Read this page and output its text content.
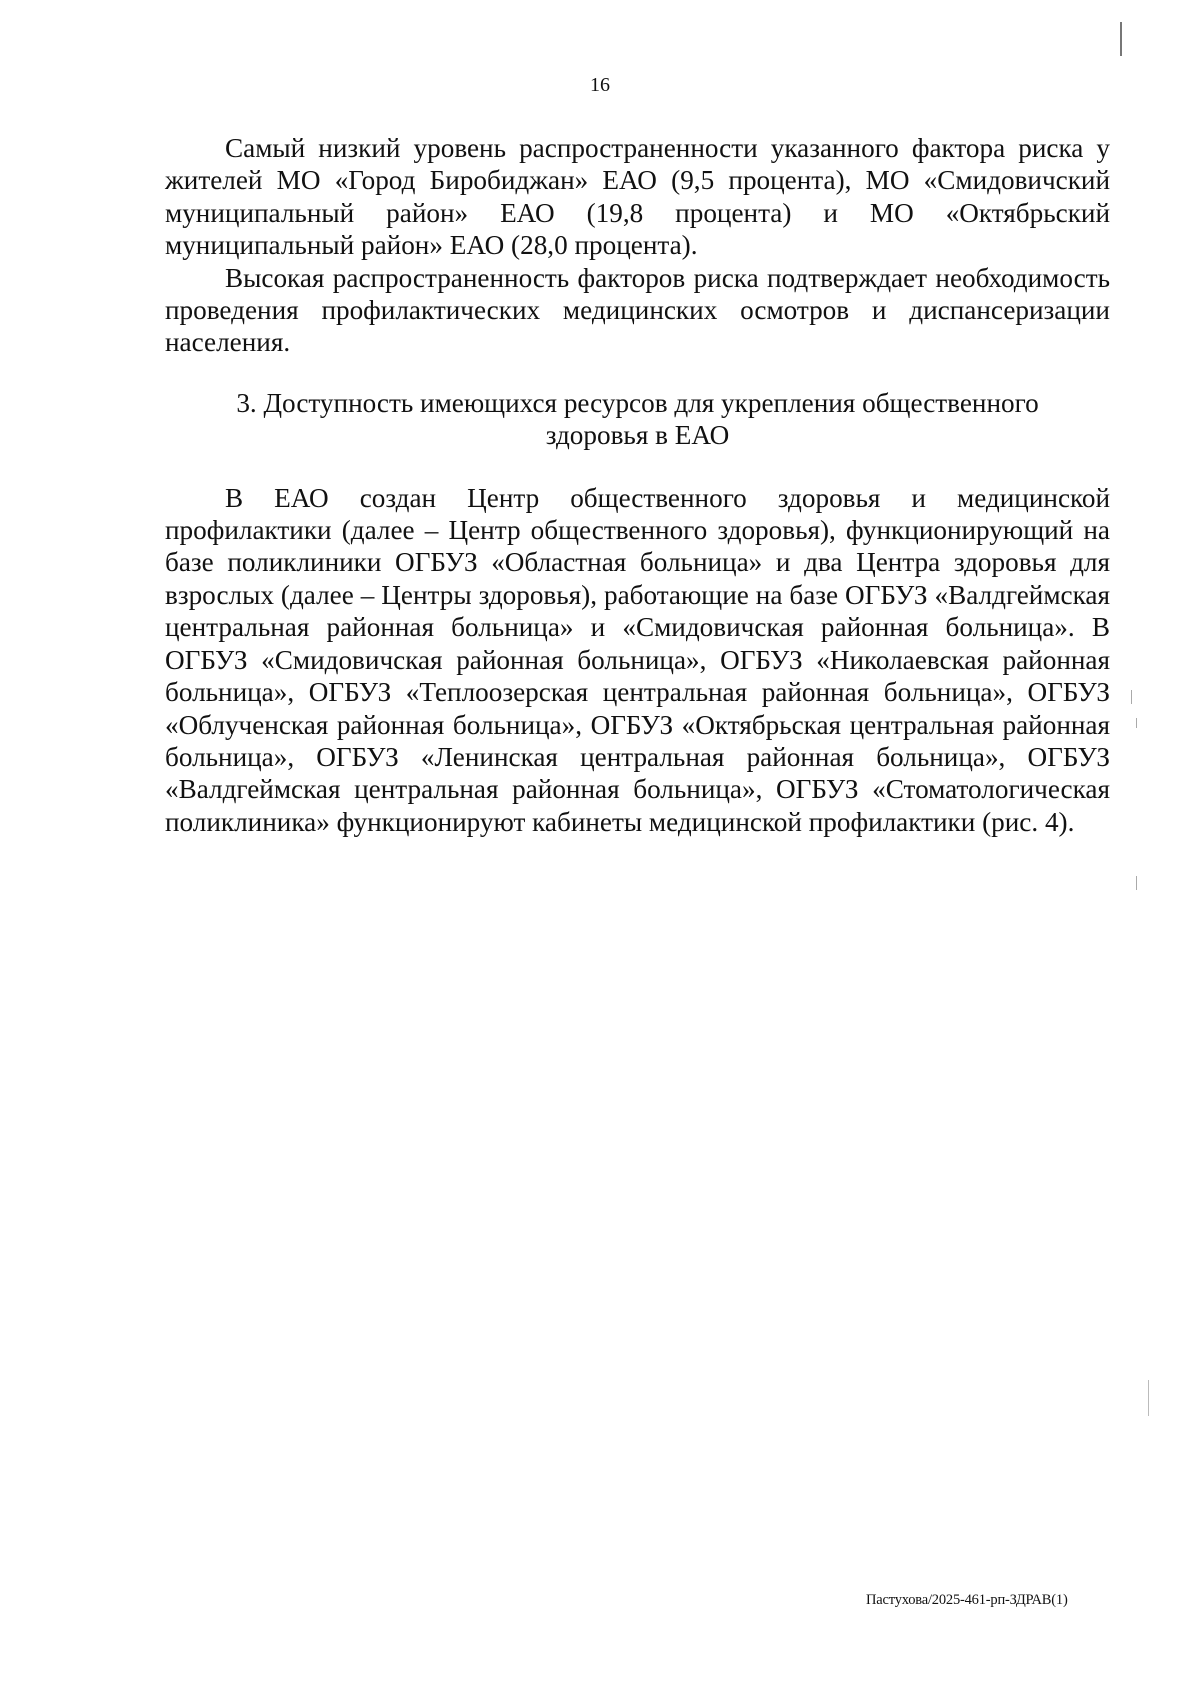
16

Самый низкий уровень распространенности указанного фактора риска у жителей МО «Город Биробиджан» ЕАО (9,5 процента), МО «Смидовичский муниципальный район» ЕАО (19,8 процента) и МО «Октябрьский муниципальный район» ЕАО (28,0 процента).

Высокая распространенность факторов риска подтверждает необходимость проведения профилактических медицинских осмотров и диспансеризации населения.

3. Доступность имеющихся ресурсов для укрепления общественного
здоровья в ЕАО

В ЕАО создан Центр общественного здоровья и медицинской профилактики (далее – Центр общественного здоровья), функционирующий на базе поликлиники ОГБУЗ «Областная больница» и два Центра здоровья для взрослых (далее – Центры здоровья), работающие на базе ОГБУЗ «Валдгеймская центральная районная больница» и «Смидовичская районная больница». В ОГБУЗ «Смидовичская районная больница», ОГБУЗ «Николаевская районная больница», ОГБУЗ «Теплоозерская центральная районная больница», ОГБУЗ «Облученская районная больница», ОГБУЗ «Октябрьская центральная районная больница», ОГБУЗ «Ленинская центральная районная больница», ОГБУЗ «Валдгеймская центральная районная больница», ОГБУЗ «Стоматологическая поликлиника» функционируют кабинеты медицинской профилактики (рис. 4).

Пастухова/2025-461-рп-ЗДРАВ(1)
